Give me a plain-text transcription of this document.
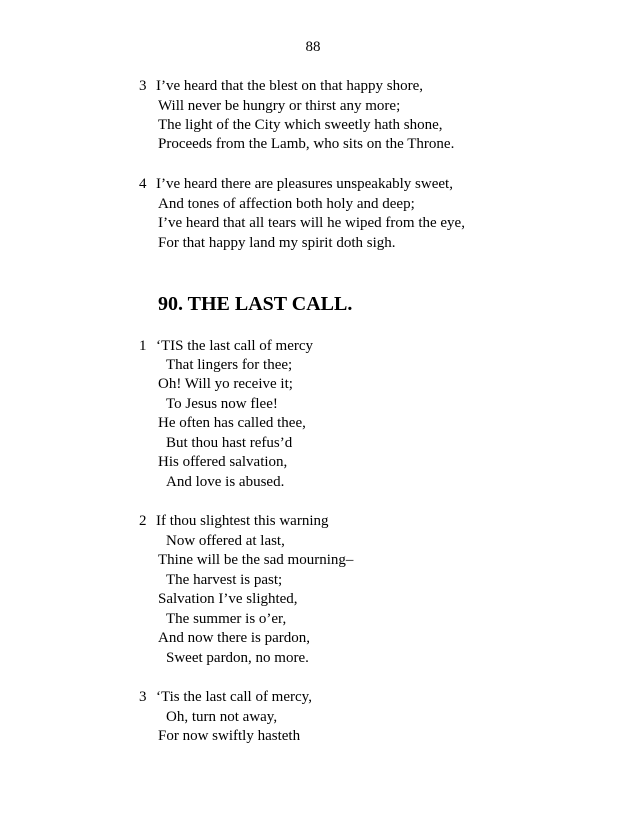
88
3 I’ve heard that the blest on that happy shore,
Will never be hungry or thirst any more;
The light of the City which sweetly hath shone,
Proceeds from the Lamb, who sits on the Throne.
4 I’ve heard there are pleasures unspeakably sweet,
And tones of affection both holy and deep;
I’ve heard that all tears will he wiped from the eye,
For that happy land my spirit doth sigh.
90. THE LAST CALL.
1 ‘TIS the last call of mercy
That lingers for thee;
Oh! Will yo receive it;
To Jesus now flee!
He often has called thee,
But thou hast refus’d
His offered salvation,
And love is abused.
2 If thou slightest this warning
Now offered at last,
Thine will be the sad mourning–
The harvest is past;
Salvation I’ve slighted,
The summer is o’er,
And now there is pardon,
Sweet pardon, no more.
3 ‘Tis the last call of mercy,
Oh, turn not away,
For now swiftly hasteth
